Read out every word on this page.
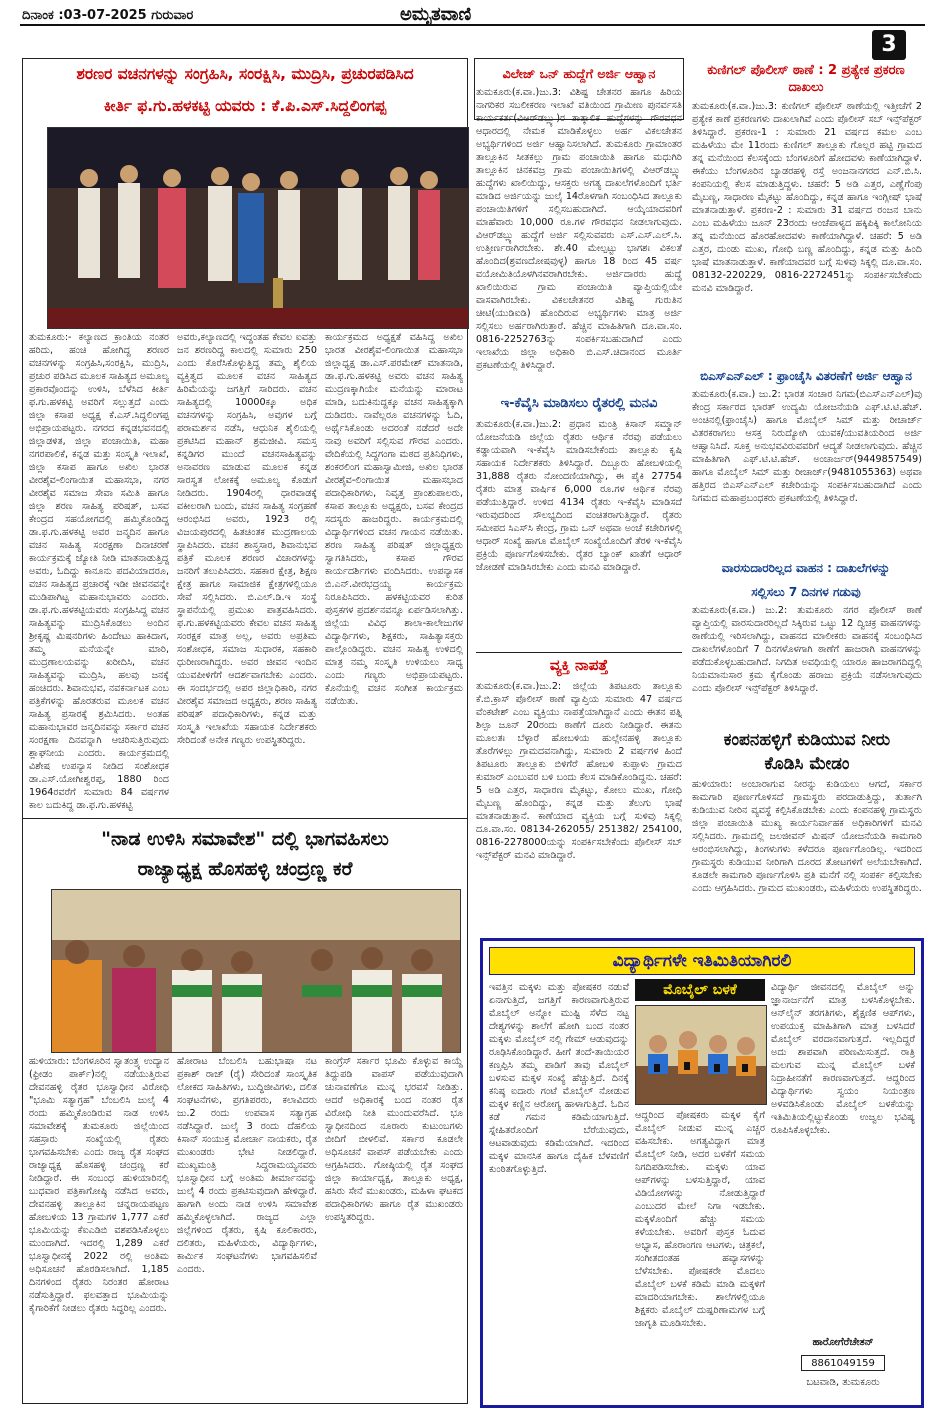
ದಿನಾಂಕ :03-07-2025 ಗುರುವಾರ	ಅಮೃತವಾಣಿ
3
ಶರಣರ ವಚನಗಳನ್ನು ಸಂಗ್ರಹಿಸಿ, ಸಂರಕ್ಷಿಸಿ, ಮುದ್ರಿಸಿ, ಪ್ರಚುರಪಡಿಸಿದ
ಕೀರ್ತಿ ಫ.ಗು.ಹಳಕಟ್ಟಿ ಯವರು : ಕೆ.ಪಿ.ಎಸ್.ಸಿದ್ದಲಿಂಗಪ್ಪ
ತುಮಕೂರು:- ಕಲ್ಯಾಣದ ಕ್ರಾಂತಿಯ ನಂತರ ಹರಿದು, ಹಂಚಿ ಹೋಗಿದ್ದ ಶರಣರ ವಚನಗಳನ್ನು ಸಂಗ್ರಹಿಸಿ,ಸಂರಕ್ಷಿಸಿ, ಮುದ್ರಿಸಿ, ಪ್ರಚುರ ಪಡಿಸಿದ ಮೂಲಕ ಸಾಹಿತ್ಯದ ಅಮೂಲ್ಯ ಪ್ರಕಾರವೊಂದನ್ನು ಉಳಿಸಿ, ಬೆಳೆಸಿದ ಕೀರ್ತಿ ಫ.ಗು.ಹಳಕಟ್ಟಿ ಅವರಿಗೆ ಸಲ್ಲುತ್ತದೆ ಎಂದು ಜಿಲ್ಲಾ ಕಸಾಪ ಅಧ್ಯಕ್ಷ ಕೆ.ಎಸ್.ಸಿದ್ದಲಿಂಗಪ್ಪ ಅಭಿಪ್ರಾಯಪಟ್ಟರು. ನಗರದ ಕನ್ನಡಭವನದಲ್ಲಿ ಜಿಲ್ಲಾಡಳಿತ, ಜಿಲ್ಲಾ ಪಂಚಾಯಿತಿ, ಮಹಾ ನಗರಪಾಲಿಕೆ, ಕನ್ನಡ ಮತ್ತು ಸಂಸ್ಕೃತಿ ಇಲಾಖೆ, ಜಿಲ್ಲಾ ಕಸಾಪ ಹಾಗೂ ಅಖಿಲ ಭಾರತ ವೀರಶೈವ-ಲಿಂಗಾಯಿತ ಮಹಾಸಭಾ, ನಗರ ವೀರಶೈವ ಸಮಾಜ ಸೇವಾ ಸಮಿತಿ ಹಾಗೂ ಜಿಲ್ಲಾ ಶರಣ ಸಾಹಿತ್ಯ ಪರಿಷತ್, ಬಸವ ಕೇಂದ್ರದ ಸಹಯೋಗದಲ್ಲಿ ಹಮ್ಮಿಕೊಂಡಿದ್ದ ಡಾ.ಫ.ಗು.ಹಳಕಟ್ಟಿ ಅವರ ಜನ್ಮದಿನ ಹಾಗೂ ವಚನ ಸಾಹಿತ್ಯ ಸಂರಕ್ಷಣಾ ದಿನಾಚರಣೆ ಕಾರ್ಯಕ್ರಮಕ್ಕೆ ಜ್ಯೋತಿ ನೀಡಿ ಮಾತನಾಡುತ್ತಿದ್ದ ಅವರು, ಓದಿದ್ದು ಕಾನೂನು ಪದವಿಯಾದರೂ, ವಚನ ಸಾಹಿತ್ಯದ ಪ್ರಚಾರಕ್ಕೆ ಇಡೀ ಜೀವನವನ್ನೇ ಮುಡಿಪಾಗಿಟ್ಟ ಮಹಾನುಭಾವರು ಎಂದರು. ಡಾ.ಫ.ಗು.ಹಳಕಟ್ಟಿಯವರು ಸಂಗ್ರಹಿಸಿದ್ದ ವಚನ ಸಾಹಿತ್ಯವನ್ನು ಮುದ್ರಿಸಿಕೊಡಲು ಅಂದಿನ ಶ್ರೀಕೃಷ್ಣ ಮಿಷನರಿಗಳು ಹಿಂದೇಟು ಹಾಕಿದಾಗ, ತಮ್ಮ ಮನೆಯನ್ನೇ ಮಾರಿ, ಮುದ್ರಣಾಲಯವನ್ನು ಖರೀದಿಸಿ, ವಚನ ಸಾಹಿತ್ಯವನ್ನು ಮುದ್ರಿಸಿ, ಹಲವು ಜನಕ್ಕೆ ಹಂಚಿದರು. ಶಿವಾನುಭವ, ನವಕರ್ನಾಟಕ ಎಂಬ ಪತ್ರಿಕೆಗಳನ್ನು ಹೊರತರುವ ಮೂಲಕ ವಚನ ಸಾಹಿತ್ಯ ಪ್ರಸಾರಕ್ಕೆ ಶ್ರಮಿಸಿದರು. ಅಂತಹ ಮಹಾನುಭಾವರ ಜನ್ಮದಿನವನ್ನು ಸರ್ಕಾರ ವಚನ ಸಂರಕ್ಷಣಾ ದಿನವನ್ನಾಗಿ ಆಚರಿಸುತ್ತಿರುವುದು ಶ್ಲಾಘನೀಯ ಎಂದರು. ಕಾರ್ಯಕ್ರಮದಲ್ಲಿ ವಿಶೇಷ ಉಪನ್ಯಾಸ ನೀಡಿದ ಸಂಶೋಧಕ ಡಾ.ಎಸ್.ಯೋಗೀಶ್ವರಪ್ಪ, 1880 ರಿಂದ 1964ರವರೆಗೆ ಸುಮಾರು 84 ವರ್ಷಗಳ ಕಾಲ ಬದುಕಿದ್ದ ಡಾ.ಫ.ಗು.ಹಳಕಟ್ಟಿ
ಅವರು,ಕಲ್ಯಾಣದಲ್ಲಿ ಇದ್ದಂತಹ ಕೇವಲ ಐವತ್ತು ಜನ ಶರಣರಿದ್ದ ಕಾಲದಲ್ಲಿ ಸುಮಾರು 250 ಎಂದು ಕೊರೆಸಿಕೊಳ್ಳುತ್ತಿದ್ದ ತಮ್ಮ ಶೈಲಿಯ ವ್ಯಕ್ತಿತ್ವದ ಮೂಲಕ ವಚನ ಸಾಹಿತ್ಯದ ಹಿರಿಮೆಯನ್ನು ಜಗತ್ತಿಗೆ ಸಾರಿದರು. ವಚನ ಸಾಹಿತ್ಯದಲ್ಲಿ 10000ಕ್ಕೂ ಅಧಿಕ ವಚನಗಳನ್ನು ಸಂಗ್ರಹಿಸಿ, ಅವುಗಳ ಬಗ್ಗೆ ಪರಾಮರ್ಶನ ನಡೆಸಿ, ಆಧುನಿಕ ಶೈಲಿಯಲ್ಲಿ ಪ್ರಕಟಿಸಿದ ಮಹಾನ್ ಶ್ರಮಜೀವಿ. ಸಮಸ್ತ ಕನ್ನಡಿಗರ ಮುಂದೆ ವಚನಸಾಹಿತ್ಯವನ್ನು ಅನಾವರಣ ಮಾಡುವ ಮೂಲಕ ಕನ್ನಡ ಸಾರಸ್ವತ ಲೋಕಕ್ಕೆ ಅಮೂಲ್ಯ ಕೊಡುಗೆ ನೀಡಿದರು. 1904ರಲ್ಲಿ ಧಾರವಾಡಕ್ಕೆ ವಕೀಲರಾಗಿ ಬಂದು, ವಚನ ಸಾಹಿತ್ಯ ಸಂಗ್ರಹಣೆ ಆರಂಭಿಸಿದ ಅವರು, 1923 ರಲ್ಲಿ ವಿಜಯಪುರದಲ್ಲಿ ಹಿತಚಿಂತಕ ಮುದ್ರಣಾಲಯ ಸ್ಥಾಪಿಸಿದರು. ವಚನ ಶಾಸ್ತ್ರಸಾರ, ಶಿವಾನುಭವ ಪತ್ರಿಕೆ ಮೂಲಕ ಶರಣರ ವಿಚಾರಗಳನ್ನು ಜನರಿಗೆ ತಲುಪಿಸಿದರು. ಸಹಕಾರ ಕ್ಷೇತ್ರ, ಶಿಕ್ಷಣ ಕ್ಷೇತ್ರ ಹಾಗೂ ಸಾಮಾಜಿಕ ಕ್ಷೇತ್ರಗಳಲ್ಲಿಯೂ ಸೇವೆ ಸಲ್ಲಿಸಿದರು. ಬಿ.ಎಲ್.ಡಿ.ಇ ಸಂಸ್ಥೆ ಸ್ಥಾಪನೆಯಲ್ಲಿ ಪ್ರಮುಖ ಪಾತ್ರವಹಿಸಿದರು. ಫ.ಗು.ಹಳಕಟ್ಟಿಯವರು ಕೇವಲ ವಚನ ಸಾಹಿತ್ಯ ಸಂರಕ್ಷಕ ಮಾತ್ರ ಅಲ್ಲ, ಅವರು ಅಪ್ರತಿಮ ಸಂಶೋಧಕ, ಸಮಾಜ ಸುಧಾರಕ, ಸಹಕಾರಿ ಧುರೀಣರಾಗಿದ್ದರು. ಅವರ ಜೀವನ ಇಂದಿನ ಯುವಪೀಳಿಗೆಗೆ ಆದರ್ಶವಾಗಬೇಕು ಎಂದರು. ಈ ಸಂದರ್ಭದಲ್ಲಿ ಅಪರ ಜಿಲ್ಲಾಧಿಕಾರಿ, ನಗರ ವೀರಶೈವ ಸಮಾಜದ ಅಧ್ಯಕ್ಷರು, ಶರಣ ಸಾಹಿತ್ಯ ಪರಿಷತ್ ಪದಾಧಿಕಾರಿಗಳು, ಕನ್ನಡ ಮತ್ತು ಸಂಸ್ಕೃತಿ ಇಲಾಖೆಯ ಸಹಾಯಕ ನಿರ್ದೇಶಕರು ಸೇರಿದಂತೆ ಅನೇಕ ಗಣ್ಯರು ಉಪಸ್ಥಿತರಿದ್ದರು.
ಕಾರ್ಯಕ್ರಮದ ಅಧ್ಯಕ್ಷತೆ ವಹಿಸಿದ್ದ ಅಖಿಲ ಭಾರತ ವೀರಶೈವ-ಲಿಂಗಾಯಿತ ಮಹಾಸಭಾ ಜಿಲ್ಲಾಧ್ಯಕ್ಷ ಡಾ.ಎಸ್.ಪರಮೇಶ್ ಮಾತನಾಡಿ, ಡಾ.ಫ.ಗು.ಹಳಕಟ್ಟಿ ಅವರು ವಚನ ಸಾಹಿತ್ಯ ಮುದ್ರಣಕ್ಕಾಗಿಯೇ ಮನೆಯನ್ನು ಮಾರಾಟ ಮಾಡಿ, ಬದುಕಿನುದ್ದಕ್ಕೂ ವಚನ ಸಾಹಿತ್ಯಕ್ಕಾಗಿ ದುಡಿದರು. ನಾವೆಲ್ಲರೂ ವಚನಗಳನ್ನು ಓದಿ, ಅರ್ಥೈಸಿಕೊಂಡು ಅದರಂತೆ ನಡೆದರೆ ಅದೇ ನಾವು ಅವರಿಗೆ ಸಲ್ಲಿಸುವ ಗೌರವ ಎಂದರು. ವೇದಿಕೆಯಲ್ಲಿ ಸಿದ್ದಗಂಗಾ ಮಠದ ಪ್ರತಿನಿಧಿಗಳು, ಶಂಕರಲಿಂಗ ಮಹಾಸ್ವಾಮೀಜಿ, ಅಖಿಲ ಭಾರತ ವೀರಶೈವ-ಲಿಂಗಾಯಿತ ಮಹಾಸಭಾದ ಪದಾಧಿಕಾರಿಗಳು, ನಿವೃತ್ತ ಪ್ರಾಂಶುಪಾಲರು, ಕಸಾಪ ತಾಲ್ಲೂಕು ಅಧ್ಯಕ್ಷರು, ಬಸವ ಕೇಂದ್ರದ ಸದಸ್ಯರು ಹಾಜರಿದ್ದರು. ಕಾರ್ಯಕ್ರಮದಲ್ಲಿ ವಿದ್ಯಾರ್ಥಿಗಳಿಂದ ವಚನ ಗಾಯನ ನಡೆಯಿತು. ಶರಣ ಸಾಹಿತ್ಯ ಪರಿಷತ್ ಜಿಲ್ಲಾಧ್ಯಕ್ಷರು ಸ್ವಾಗತಿಸಿದರು, ಕಸಾಪ ಗೌರವ ಕಾರ್ಯದರ್ಶಿಗಳು ವಂದಿಸಿದರು. ಉಪನ್ಯಾಸಕ ಬಿ.ಎನ್.ವೀರಭದ್ರಯ್ಯ ಕಾರ್ಯಕ್ರಮ ನಿರೂಪಿಸಿದರು. ಹಳಕಟ್ಟಿಯವರ ಕುರಿತ ಪುಸ್ತಕಗಳ ಪ್ರದರ್ಶನವನ್ನೂ ಏರ್ಪಡಿಸಲಾಗಿತ್ತು. ಜಿಲ್ಲೆಯ ವಿವಿಧ ಶಾಲಾ-ಕಾಲೇಜುಗಳ ವಿದ್ಯಾರ್ಥಿಗಳು, ಶಿಕ್ಷಕರು, ಸಾಹಿತ್ಯಾಸಕ್ತರು ಪಾಲ್ಗೊಂಡಿದ್ದರು. ವಚನ ಸಾಹಿತ್ಯ ಉಳಿದಲ್ಲಿ ಮಾತ್ರ ನಮ್ಮ ಸಂಸ್ಕೃತಿ ಉಳಿಯಲು ಸಾಧ್ಯ ಎಂದು ಗಣ್ಯರು ಅಭಿಪ್ರಾಯಪಟ್ಟರು. ಕೊನೆಯಲ್ಲಿ ವಚನ ಸಂಗೀತ ಕಾರ್ಯಕ್ರಮ ನಡೆಯಿತು.
"ನಾಡ ಉಳಿಸಿ ಸಮಾವೇಶ" ದಲ್ಲಿ ಭಾಗವಹಿಸಲು
ರಾಜ್ಯಾಧ್ಯಕ್ಷ ಹೊಸಹಳ್ಳಿ ಚಂದ್ರಣ್ಣ ಕರೆ
ಹುಳಿಯಾರು: ಬೆಂಗಳೂರಿನ ಸ್ವಾತಂತ್ರ್ಯ ಉದ್ಯಾನ (ಫ್ರೀಡಂ ಪಾರ್ಕ್)ನಲ್ಲಿ ನಡೆಯುತ್ತಿರುವ ದೇವನಹಳ್ಳಿ ರೈತರ ಭೂಸ್ವಾಧೀನ ವಿರೋಧಿ "ಭೂಮಿ ಸತ್ಯಾಗ್ರಹ" ಬೆಂಬಲಿಸಿ ಜುಲೈ 4 ರಂದು ಹಮ್ಮಿಕೊಂಡಿರುವ ನಾಡ ಉಳಿಸಿ ಸಮಾವೇಶಕ್ಕೆ ತುಮಕೂರು ಜಿಲ್ಲೆಯಿಂದ ಸಹಸ್ರಾರು ಸಂಖ್ಯೆಯಲ್ಲಿ ರೈತರು ಭಾಗವಹಿಸಬೇಕು ಎಂದು ರಾಜ್ಯ ರೈತ ಸಂಘದ ರಾಜ್ಯಾಧ್ಯಕ್ಷ ಹೊಸಹಳ್ಳಿ ಚಂದ್ರಣ್ಣ ಕರೆ ನೀಡಿದ್ದಾರೆ. ಈ ಸಂಬಂಧ ಹುಳಿಯಾರಿನಲ್ಲಿ ಬುಧವಾರ ಪತ್ರಿಕಾಗೋಷ್ಠಿ ನಡೆಸಿದ ಅವರು, ದೇವನಹಳ್ಳಿ ತಾಲ್ಲೂಕಿನ ಚನ್ನರಾಯಪಟ್ಟಣ ಹೋಬಳಿಯ 13 ಗ್ರಾಮಗಳ 1,777 ಎಕರೆ ಭೂಮಿಯನ್ನು ಕೆಐಎಡಿಬಿ ವಶಪಡಿಸಿಕೊಳ್ಳಲು ಮುಂದಾಗಿದೆ. ಇದರಲ್ಲಿ 1,289 ಎಕರೆ ಭೂಸ್ವಾಧೀನಕ್ಕೆ 2022 ರಲ್ಲಿ ಅಂತಿಮ ಅಧಿಸೂಚನೆ ಹೊರಡಿಸಲಾಗಿದೆ. 1,185 ದಿನಗಳಿಂದ ರೈತರು ನಿರಂತರ ಹೋರಾಟ ನಡೆಸುತ್ತಿದ್ದಾರೆ. ಫಲವತ್ತಾದ ಭೂಮಿಯನ್ನು ಕೈಗಾರಿಕೆಗೆ ನೀಡಲು ರೈತರು ಸಿದ್ಧರಿಲ್ಲ ಎಂದರು.
ಹೋರಾಟ ಬೆಂಬಲಿಸಿ ಬಹುಭಾಷಾ ನಟ ಪ್ರಕಾಶ್ ರಾಜ್ (ರೈ) ಸೇರಿದಂತೆ ಸಾಂಸ್ಕೃತಿಕ ಲೋಕದ ಸಾಹಿತಿಗಳು, ಬುದ್ಧಿಜೀವಿಗಳು, ದಲಿತ ಸಂಘಟನೆಗಳು, ಪ್ರಗತಿಪರರು, ಕಲಾವಿದರು ಜು.2 ರಂದು ಉಪವಾಸ ಸತ್ಯಾಗ್ರಹ ನಡೆಸಿದ್ದಾರೆ. ಜುಲೈ 3 ರಂದು ದೆಹಲಿಯ ಕಿಸಾನ್ ಸಂಯುಕ್ತ ಮೋರ್ಚಾ ನಾಯಕರು, ರೈತ ಮುಖಂಡರು ಭೇಟಿ ನೀಡಲಿದ್ದಾರೆ. ಮುಖ್ಯಮಂತ್ರಿ ಸಿದ್ದರಾಮಯ್ಯನವರು ಭೂಸ್ವಾಧೀನ ಬಗ್ಗೆ ಅಂತಿಮ ತೀರ್ಮಾನವನ್ನು ಜುಲೈ 4 ರಂದು ಪ್ರಕಟಿಸುವುದಾಗಿ ಹೇಳಿದ್ದಾರೆ. ಹಾಗಾಗಿ ಅಂದು ನಾಡ ಉಳಿಸಿ ಸಮಾವೇಶ ಹಮ್ಮಿಕೊಳ್ಳಲಾಗಿದೆ. ರಾಜ್ಯದ ಎಲ್ಲಾ ಜಿಲ್ಲೆಗಳಿಂದ ರೈತರು, ಕೃಷಿ ಕೂಲಿಕಾರರು, ದಲಿತರು, ಮಹಿಳೆಯರು, ವಿದ್ಯಾರ್ಥಿಗಳು, ಕಾರ್ಮಿಕ ಸಂಘಟನೆಗಳು ಭಾಗವಹಿಸಲಿವೆ ಎಂದರು.
ಕಾಂಗ್ರೆಸ್ ಸರ್ಕಾರ ಭೂಮಿ ಕೊಳ್ಳುವ ಕಾಯ್ದೆ ತಿದ್ದುಪಡಿ ವಾಪಸ್ ಪಡೆಯುವುದಾಗಿ ಚುನಾವಣೆಗೂ ಮುನ್ನ ಭರವಸೆ ನೀಡಿತ್ತು. ಆದರೆ ಅಧಿಕಾರಕ್ಕೆ ಬಂದ ನಂತರ ರೈತ ವಿರೋಧಿ ನೀತಿ ಮುಂದುವರೆಸಿದೆ. ಭೂ ಸ್ವಾಧೀನದಿಂದ ನೂರಾರು ಕುಟುಂಬಗಳು ಬೀದಿಗೆ ಬೀಳಲಿವೆ. ಸರ್ಕಾರ ಕೂಡಲೇ ಅಧಿಸೂಚನೆ ವಾಪಸ್ ಪಡೆಯಬೇಕು ಎಂದು ಆಗ್ರಹಿಸಿದರು. ಗೋಷ್ಠಿಯಲ್ಲಿ ರೈತ ಸಂಘದ ಜಿಲ್ಲಾ ಕಾರ್ಯಾಧ್ಯಕ್ಷ, ತಾಲ್ಲೂಕು ಅಧ್ಯಕ್ಷ, ಹಸಿರು ಸೇನೆ ಮುಖಂಡರು, ಮಹಿಳಾ ಘಟಕದ ಪದಾಧಿಕಾರಿಗಳು ಹಾಗೂ ರೈತ ಮುಖಂಡರು ಉಪಸ್ಥಿತರಿದ್ದರು.
ವಿಲೇಜ್ ಒನ್ ಹುದ್ದೆಗೆ ಅರ್ಜಿ ಆಹ್ವಾನ
ತುಮಕೂರು(ಕ.ವಾ.)ಜು.3: ವಿಶಿಷ್ಟ ಚೇತನರ ಹಾಗೂ ಹಿರಿಯ ನಾಗರಿಕರ ಸಬಲೀಕರಣ ಇಲಾಖೆ ವತಿಯಿಂದ ಗ್ರಾಮೀಣ ಪುನರ್ವಸತಿ ಕಾರ್ಯಕರ್ತ(ವಿಆರ್‌ಡಬ್ಲ್ಯು)ರ ತಾತ್ಕಾಲಿಕ ಹುದ್ದೆಗಳನ್ನು ಗೌರವಧನ ಆಧಾರದಲ್ಲಿ ನೇಮಕ ಮಾಡಿಕೊಳ್ಳಲು ಅರ್ಹ ವಿಕಲಚೇತನ ಅಭ್ಯರ್ಥಿಗಳಿಂದ ಅರ್ಜಿ ಆಹ್ವಾನಿಸಲಾಗಿದೆ. ತುಮಕೂರು ಗ್ರಾಮಾಂತರ ತಾಲ್ಲೂಕಿನ ಸೀತಕಲ್ಲು ಗ್ರಾಮ ಪಂಚಾಯಿತಿ ಹಾಗೂ ಮಧುಗಿರಿ ತಾಲ್ಲೂಕಿನ ಚಿನಕವಜ್ರ ಗ್ರಾಮ ಪಂಚಾಯಿತಿಗಳಲ್ಲಿ ವಿಆರ್‌ಡಬ್ಲ್ಯು ಹುದ್ದೆಗಳು ಖಾಲಿಯಿದ್ದು, ಆಸಕ್ತರು ಅಗತ್ಯ ದಾಖಲೆಗಳೊಂದಿಗೆ ಭರ್ತಿ ಮಾಡಿದ ಅರ್ಜಿಯನ್ನು ಜುಲೈ 14ರೊಳಗಾಗಿ ಸಂಬಂಧಿಸಿದ ತಾಲ್ಲೂಕು ಪಂಚಾಯಿತಿಗಳಿಗೆ ಸಲ್ಲಿಸಬಹುದಾಗಿದೆ. ಆಯ್ಕೆಯಾದವರಿಗೆ ಮಾಹೆವಾರು 10,000 ರೂ.ಗಳ ಗೌರವಧನ ನೀಡಲಾಗುವುದು. ವಿಆರ್‌ಡಬ್ಲ್ಯು ಹುದ್ದೆಗೆ ಅರ್ಜಿ ಸಲ್ಲಿಸುವವರು ಎಸ್.ಎಸ್.ಎಲ್.ಸಿ. ಉತ್ತೀರ್ಣರಾಗಿರಬೇಕು. ಶೇ.40 ಮೇಲ್ಪಟ್ಟು ಭಾಗಶಃ ವಿಕಲತೆ ಹೊಂದಿದ(ಶ್ರವಣದೋಷವುಳ್ಳ) ಹಾಗೂ 18 ರಿಂದ 45 ವರ್ಷ ವಯೋಮಿತಿಯೊಳಗಿನವರಾಗಿರಬೇಕು. ಅರ್ಜಿದಾರರು ಹುದ್ದೆ ಖಾಲಿಯಿರುವ ಗ್ರಾಮ ಪಂಚಾಯಿತಿ ವ್ಯಾಪ್ತಿಯಲ್ಲಿಯೇ ವಾಸವಾಗಿರಬೇಕು. ವಿಕಲಚೇತನರ ವಿಶಿಷ್ಟ ಗುರುತಿನ ಚೀಟಿ(ಯುಡಿಐಡಿ) ಹೊಂದಿರುವ ಅಭ್ಯರ್ಥಿಗಳು ಮಾತ್ರ ಅರ್ಜಿ ಸಲ್ಲಿಸಲು ಅರ್ಹರಾಗಿರುತ್ತಾರೆ. ಹೆಚ್ಚಿನ ಮಾಹಿತಿಗಾಗಿ ದೂ.ವಾ.ಸಂ. 0816-2252763ನ್ನು ಸಂಪರ್ಕಿಸಬಹುದಾಗಿದೆ ಎಂದು ಇಲಾಖೆಯ ಜಿಲ್ಲಾ ಅಧಿಕಾರಿ ಬಿ.ಎಸ್.ಚಿದಾನಂದ ಮೂರ್ತಿ ಪ್ರಕಟಣೆಯಲ್ಲಿ ತಿಳಿಸಿದ್ದಾರೆ.
ಇ-ಕೆವೈಸಿ ಮಾಡಿಸಲು ರೈತರಲ್ಲಿ ಮನವಿ
ತುಮಕೂರು(ಕ.ವಾ.)ಜು.2: ಪ್ರಧಾನ ಮಂತ್ರಿ ಕಿಸಾನ್ ಸಮ್ಮಾನ್ ಯೋಜನೆಯಡಿ ಜಿಲ್ಲೆಯ ರೈತರು ಆರ್ಥಿಕ ನೆರವು ಪಡೆಯಲು ಕಡ್ಡಾಯವಾಗಿ ಇ-ಕೆವೈಸಿ ಮಾಡಿಸಬೇಕೆಂದು ತಾಲ್ಲೂಕು ಕೃಷಿ ಸಹಾಯಕ ನಿರ್ದೇಶಕರು ತಿಳಿಸಿದ್ದಾರೆ. ದಿಬ್ಬೂರು ಹೋಬಳಿಯಲ್ಲಿ 31,888 ರೈತರು ನೋಂದಣಿಯಾಗಿದ್ದು, ಈ ಪೈಕಿ 27754 ರೈತರು ಮಾತ್ರ ವಾರ್ಷಿಕ 6,000 ರೂ.ಗಳ ಆರ್ಥಿಕ ನೆರವು ಪಡೆಯುತ್ತಿದ್ದಾರೆ. ಉಳಿದ 4134 ರೈತರು ಇ-ಕೆವೈಸಿ ಮಾಡಿಸದೆ ಇರುವುದರಿಂದ ಸೌಲಭ್ಯದಿಂದ ವಂಚಿತರಾಗುತ್ತಿದ್ದಾರೆ. ರೈತರು ಸಮೀಪದ ಸಿಎಸ್‌ಸಿ ಕೇಂದ್ರ, ಗ್ರಾಮ ಒನ್ ಅಥವಾ ಅಂಚೆ ಕಚೇರಿಗಳಲ್ಲಿ ಆಧಾರ್ ಸಂಖ್ಯೆ ಹಾಗೂ ಮೊಬೈಲ್ ಸಂಖ್ಯೆಯೊಂದಿಗೆ ತೆರಳಿ ಇ-ಕೆವೈಸಿ ಪ್ರಕ್ರಿಯೆ ಪೂರ್ಣಗೊಳಿಸಬೇಕು. ರೈತರ ಬ್ಯಾಂಕ್ ಖಾತೆಗೆ ಆಧಾರ್ ಜೋಡಣೆ ಮಾಡಿಸಿರಬೇಕು ಎಂದು ಮನವಿ ಮಾಡಿದ್ದಾರೆ.
ವ್ಯಕ್ತಿ ನಾಪತ್ತೆ
ತುಮಕೂರು(ಕ.ವಾ.)ಜು.2: ಜಿಲ್ಲೆಯ ತಿಪಟೂರು ತಾಲ್ಲೂಕು ಕೆ.ಬಿ.ಕ್ರಾಸ್ ಪೊಲೀಸ್ ಠಾಣೆ ವ್ಯಾಪ್ತಿಯ ಸುಮಾರು 47 ವರ್ಷದ ವೆಂಕಟೇಶ್ ಎಂಬ ವ್ಯಕ್ತಿಯು ನಾಪತ್ತೆಯಾಗಿದ್ದಾನೆ ಎಂದು ಈತನ ಪತ್ನಿ ಶಿಲ್ಪಾ ಜೂನ್ 20ರಂದು ಠಾಣೆಗೆ ದೂರು ನೀಡಿದ್ದಾರೆ. ಈತನು ಮೂಲತಃ ಬೆಳ್ಳಾರೆ ಹೋಬಳಿಯ ಹುಲ್ಲೇನಹಳ್ಳಿ ತಾಲ್ಲೂಕು ತೊರೆಗಳಲ್ಲು ಗ್ರಾಮದವನಾಗಿದ್ದು, ಸುಮಾರು 2 ವರ್ಷಗಳ ಹಿಂದೆ ತಿಪಟೂರು ತಾಲ್ಲೂಕು ಬಿಳಿಗೆರೆ ಹೋಬಳಿ ಕುಪ್ಪಾಳು ಗ್ರಾಮದ ಕುಮಾರ್ ಎಂಬುವರ ಬಳಿ ಬಂದು ಕೆಲಸ ಮಾಡಿಕೊಂಡಿದ್ದನು. ಚಹರೆ: 5 ಅಡಿ ಎತ್ತರ, ಸಾಧಾರಣ ಮೈಕಟ್ಟು, ಕೋಲು ಮುಖ, ಗೋಧಿ ಮೈಬಣ್ಣ ಹೊಂದಿದ್ದು, ಕನ್ನಡ ಮತ್ತು ತೆಲುಗು ಭಾಷೆ ಮಾತನಾಡುತ್ತಾನೆ. ಕಾಣೆಯಾದ ವ್ಯಕ್ತಿಯ ಬಗ್ಗೆ ಸುಳಿವು ಸಿಕ್ಕಲ್ಲಿ ದೂ.ವಾ.ಸಂ. 08134-262055/ 251382/ 254100, 0816-2278000ಯನ್ನು ಸಂಪರ್ಕಿಸಬೇಕೆಂದು ಪೊಲೀಸ್ ಸಬ್ ಇನ್ಸ್‌ಪೆಕ್ಟರ್ ಮನವಿ ಮಾಡಿದ್ದಾರೆ.
ಕುಣಿಗಲ್ ಪೊಲೀಸ್ ಠಾಣೆ : 2 ಪ್ರತ್ಯೇಕ ಪ್ರಕರಣ ದಾಖಲು
ತುಮಕೂರು(ಕ.ವಾ.)ಜು.3: ಕುಣಿಗಲ್ ಪೊಲೀಸ್ ಠಾಣೆಯಲ್ಲಿ ಇತ್ತೀಚೆಗೆ 2 ಪ್ರತ್ಯೇಕ ಕಾಣೆ ಪ್ರಕರಣಗಳು ದಾಖಲಾಗಿವೆ ಎಂದು ಪೊಲೀಸ್ ಸಬ್ ಇನ್ಸ್‌ಪೆಕ್ಟರ್ ತಿಳಿಸಿದ್ದಾರೆ. ಪ್ರಕರಣ-1 : ಸುಮಾರು 21 ವರ್ಷದ ಕಮಲ ಎಂಬ ಮಹಿಳೆಯು ಮೇ 11ರಂದು ಕುಣಿಗಲ್ ತಾಲ್ಲೂಕು ಗೊಲ್ಲರ ಹಟ್ಟಿ ಗ್ರಾಮದ ತನ್ನ ಮನೆಯಿಂದ ಕೆಲಸಕ್ಕೆಂದು ಬೆಂಗಳೂರಿಗೆ ಹೋದವಳು ಕಾಣೆಯಾಗಿದ್ದಾಳೆ. ಈಕೆಯು ಬೆಂಗಳೂರಿನ ಬ್ಯಾಡರಹಳ್ಳಿ ರಸ್ತೆ ಅಂಜನಾನಗರದ ಎನ್.ಬಿ.ಸಿ. ಕಂಪನಿಯಲ್ಲಿ ಕೆಲಸ ಮಾಡುತ್ತಿದ್ದಳು. ಚಹರೆ: 5 ಅಡಿ ಎತ್ತರ, ಎಣ್ಣೆಗೆಂಪು ಮೈಬಣ್ಣ, ಸಾಧಾರಣ ಮೈಕಟ್ಟು ಹೊಂದಿದ್ದು, ಕನ್ನಡ ಹಾಗೂ ಇಂಗ್ಲೀಷ್ ಭಾಷೆ ಮಾತನಾಡುತ್ತಾಳೆ. ಪ್ರಕರಣ-2 : ಸುಮಾರು 31 ವರ್ಷದ ರಂಜನ ಬಾನು ಎಂಬ ಮಹಿಳೆಯು ಜೂನ್ 23ರಂದು ಆಂಚೆಪಾಳ್ಯದ ಹಕ್ಕಿಪಿಕ್ಕಿ ಕಾಲೋನಿಯ ತನ್ನ ಮನೆಯಿಂದ ಹೊರಹೋದವಳು ಕಾಣೆಯಾಗಿದ್ದಾಳೆ. ಚಹರೆ: 5 ಅಡಿ ಎತ್ತರ, ದುಂಡು ಮುಖ, ಗೋಧಿ ಬಣ್ಣ ಹೊಂದಿದ್ದು, ಕನ್ನಡ ಮತ್ತು ಹಿಂದಿ ಭಾಷೆ ಮಾತನಾಡುತ್ತಾಳೆ. ಕಾಣೆಯಾದವರ ಬಗ್ಗೆ ಸುಳಿವು ಸಿಕ್ಕಲ್ಲಿ ದೂ.ವಾ.ಸಂ. 08132-220229, 0816-2272451ನ್ನು ಸಂಪರ್ಕಿಸಬೇಕೆಂದು ಮನವಿ ಮಾಡಿದ್ದಾರೆ.
ಬಿಎಸ್‌ಎನ್‌ಎಲ್ : ಫ್ರಾಂಚೈಸಿ ವಿತರಣೆಗೆ ಅರ್ಜಿ ಆಹ್ವಾನ
ತುಮಕೂರು(ಕ.ವಾ.) ಜು.2: ಭಾರತ ಸಂಚಾರ ನಿಗಮ(ಬಿಎಸ್‌ಎನ್‌ಎಲ್)ವು ಕೇಂದ್ರ ಸರ್ಕಾರದ ಭಾರತ್ ಉದ್ಯಮಿ ಯೋಜನೆಯಡಿ ಎಫ್.ಟಿ.ಟಿ.ಹೆಚ್. ಅಂಚಿನಲ್ಲಿ(ಫ್ರಾಂಚೈಸಿ) ಹಾಗೂ ಮೊಬೈಲ್ ಸಿಮ್ ಮತ್ತು ರೀಚಾರ್ಜ್ ವಿತರಕರಾಗಲು ಆಸಕ್ತ ನಿರುದ್ಯೋಗಿ ಯುವಕ/ಯುವತಿಯರಿಂದ ಅರ್ಜಿ ಆಹ್ವಾನಿಸಿದೆ. ಸೂಕ್ತ ಅನುಭವವಿರುವವರಿಗೆ ಆದ್ಯತೆ ನೀಡಲಾಗುವುದು. ಹೆಚ್ಚಿನ ಮಾಹಿತಿಗಾಗಿ ಎಫ್.ಟಿ.ಟಿ.ಹೆಚ್. ಅಂಚಾರ್ಜರ್(9449857549) ಹಾಗೂ ಮೊಬೈಲ್ ಸಿಮ್ ಮತ್ತು ರೀಚಾರ್ಜ್(9481055363) ಅಥವಾ ಹತ್ತಿರದ ಬಿಎಸ್‌ಎನ್‌ಎಲ್ ಕಚೇರಿಯನ್ನು ಸಂಪರ್ಕಿಸಬಹುದಾಗಿದೆ ಎಂದು ನಿಗಮದ ಮಹಾಪ್ರಬಂಧಕರು ಪ್ರಕಟಣೆಯಲ್ಲಿ ತಿಳಿಸಿದ್ದಾರೆ.
ವಾರಸುದಾರರಿಲ್ಲದ ವಾಹನ : ದಾಖಲೆಗಳನ್ನು
ಸಲ್ಲಿಸಲು 7 ದಿನಗಳ ಗಡುವು
ತುಮಕೂರು(ಕ.ವಾ.) ಜು.2: ತುಮಕೂರು ನಗರ ಪೊಲೀಸ್ ಠಾಣೆ ವ್ಯಾಪ್ತಿಯಲ್ಲಿ ವಾರಸುದಾರರಿಲ್ಲದೆ ಸಿಕ್ಕಿರುವ ಒಟ್ಟು 12 ದ್ವಿಚಕ್ರ ವಾಹನಗಳನ್ನು ಠಾಣೆಯಲ್ಲಿ ಇರಿಸಲಾಗಿದ್ದು, ವಾಹನದ ಮಾಲೀಕರು ವಾಹನಕ್ಕೆ ಸಂಬಂಧಿಸಿದ ದಾಖಲೆಗಳೊಂದಿಗೆ 7 ದಿನಗಳೊಳಗಾಗಿ ಠಾಣೆಗೆ ಹಾಜರಾಗಿ ವಾಹನಗಳನ್ನು ಪಡೆದುಕೊಳ್ಳಬಹುದಾಗಿದೆ. ನಿಗದಿತ ಅವಧಿಯಲ್ಲಿ ಯಾರೂ ಹಾಜರಾಗದಿದ್ದಲ್ಲಿ ನಿಯಮಾನುಸಾರ ಕ್ರಮ ಕೈಗೊಂಡು ಹರಾಜು ಪ್ರಕ್ರಿಯೆ ನಡೆಸಲಾಗುವುದು ಎಂದು ಪೊಲೀಸ್ ಇನ್ಸ್‌ಪೆಕ್ಟರ್ ತಿಳಿಸಿದ್ದಾರೆ.
ಕಂಪನಹಳ್ಳಿಗೆ ಕುಡಿಯುವ ನೀರು
ಕೊಡಿಸಿ ಮೇಡಂ
ಹುಳಿಯಾರು: ಅಂಬಾರಾಗುವ ನೀರನ್ನು ಕುಡಿಯಲು ಆಗದೆ, ಸರ್ಕಾರ ಕಾಮಗಾರಿ ಪೂರ್ಣಗೊಳಿಸದೆ ಗ್ರಾಮಸ್ಥರು ಪರದಾಡುತ್ತಿದ್ದು, ತುರ್ತಾಗಿ ಕುಡಿಯುವ ನೀರಿನ ವ್ಯವಸ್ಥೆ ಕಲ್ಪಿಸಿಕೊಡಬೇಕು ಎಂದು ಕಂಪನಹಳ್ಳಿ ಗ್ರಾಮಸ್ಥರು ಜಿಲ್ಲಾ ಪಂಚಾಯಿತಿ ಮುಖ್ಯ ಕಾರ್ಯನಿರ್ವಾಹಕ ಅಧಿಕಾರಿಗಳಿಗೆ ಮನವಿ ಸಲ್ಲಿಸಿದರು. ಗ್ರಾಮದಲ್ಲಿ ಜಲಜೀವನ್ ಮಿಷನ್ ಯೋಜನೆಯಡಿ ಕಾಮಗಾರಿ ಆರಂಭಿಸಲಾಗಿದ್ದು, ತಿಂಗಳುಗಳು ಕಳೆದರೂ ಪೂರ್ಣಗೊಂಡಿಲ್ಲ. ಇದರಿಂದ ಗ್ರಾಮಸ್ಥರು ಕುಡಿಯುವ ನೀರಿಗಾಗಿ ದೂರದ ತೋಟಗಳಿಗೆ ಅಲೆಯಬೇಕಾಗಿದೆ. ಕೂಡಲೇ ಕಾಮಗಾರಿ ಪೂರ್ಣಗೊಳಿಸಿ ಪ್ರತಿ ಮನೆಗೆ ನಲ್ಲಿ ಸಂಪರ್ಕ ಕಲ್ಪಿಸಬೇಕು ಎಂದು ಆಗ್ರಹಿಸಿದರು. ಗ್ರಾಮದ ಮುಖಂಡರು, ಮಹಿಳೆಯರು ಉಪಸ್ಥಿತರಿದ್ದರು.
ವಿದ್ಯಾರ್ಥಿಗಳೇ ಇತಿಮಿತಿಯಾಗಿರಲಿ
ಮೊಬೈಲ್ ಬಳಕೆ
ಇವತ್ತಿನ ಮಕ್ಕಳು ಮತ್ತು ಪೋಷಕರ ನಡುವೆ ಏನಾಗುತ್ತಿದೆ, ಜಗತ್ತಿಗೆ ಕಾರಣವಾಗುತ್ತಿರುವ ಮೊಬೈಲ್ ಅನ್ನೋ ಮುಷ್ಟಿ ಸೆಳೆದ ನಟ್ಟ ದೇಶ್ಯಗಳನ್ನು ಶಾಲೆಗೆ ಹೋಗಿ ಬಂದ ನಂತರ ಮಕ್ಕಳು ಮೊಬೈಲ್ ನಲ್ಲಿ ಗೇಮ್ ಆಡುವುದನ್ನು ರೂಢಿಸಿಕೊಂಡಿದ್ದಾರೆ. ಹೀಗೆ ತಂದೆ-ತಾಯಿಯರ ಕಣ್ತಪ್ಪಿಸಿ ತಮ್ಮ ಪಾಡಿಗೆ ತಾವು ಮೊಬೈಲ್ ಬಳಸುವ ಮಕ್ಕಳ ಸಂಖ್ಯೆ ಹೆಚ್ಚುತ್ತಿದೆ. ದಿನಕ್ಕೆ ಕನಿಷ್ಠ ಐದಾರು ಗಂಟೆ ಮೊಬೈಲ್ ನೋಡುವ ಮಕ್ಕಳ ಕಣ್ಣಿನ ಆರೋಗ್ಯ ಹಾಳಾಗುತ್ತಿದೆ. ಓದಿನ ಕಡೆ ಗಮನ ಕಡಿಮೆಯಾಗುತ್ತಿದೆ. ಸ್ನೇಹಿತರೊಂದಿಗೆ ಬೆರೆಯುವುದು, ಆಟವಾಡುವುದು ಕಡಿಮೆಯಾಗಿದೆ. ಇದರಿಂದ ಮಕ್ಕಳ ಮಾನಸಿಕ ಹಾಗೂ ದೈಹಿಕ ಬೆಳವಣಿಗೆ ಕುಂಠಿತಗೊಳ್ಳುತ್ತಿದೆ.
ಆದ್ದರಿಂದ ಪೋಷಕರು ಮಕ್ಕಳ ಕೈಗೆ ಮೊಬೈಲ್ ನೀಡುವ ಮುನ್ನ ಎಚ್ಚರ ವಹಿಸಬೇಕು. ಅಗತ್ಯವಿದ್ದಾಗ ಮಾತ್ರ ಮೊಬೈಲ್ ನೀಡಿ, ಅದರ ಬಳಕೆಗೆ ಸಮಯ ನಿಗದಿಪಡಿಸಬೇಕು. ಮಕ್ಕಳು ಯಾವ ಆಪ್‌ಗಳನ್ನು ಬಳಸುತ್ತಿದ್ದಾರೆ, ಯಾವ ವಿಡಿಯೋಗಳನ್ನು ನೋಡುತ್ತಿದ್ದಾರೆ ಎಂಬುದರ ಮೇಲೆ ನಿಗಾ ಇಡಬೇಕು. ಮಕ್ಕಳೊಂದಿಗೆ ಹೆಚ್ಚು ಸಮಯ ಕಳೆಯಬೇಕು. ಅವರಿಗೆ ಪುಸ್ತಕ ಓದುವ ಅಭ್ಯಾಸ, ಹೊರಾಂಗಣ ಆಟಗಳು, ಚಿತ್ರಕಲೆ, ಸಂಗೀತದಂತಹ ಹವ್ಯಾಸಗಳನ್ನು ಬೆಳೆಸಬೇಕು. ಪೋಷಕರೇ ಮೊದಲು ಮೊಬೈಲ್ ಬಳಕೆ ಕಡಿಮೆ ಮಾಡಿ ಮಕ್ಕಳಿಗೆ ಮಾದರಿಯಾಗಬೇಕು. ಶಾಲೆಗಳಲ್ಲಿಯೂ ಶಿಕ್ಷಕರು ಮೊಬೈಲ್ ದುಷ್ಪರಿಣಾಮಗಳ ಬಗ್ಗೆ ಜಾಗೃತಿ ಮೂಡಿಸಬೇಕು.
ವಿದ್ಯಾರ್ಥಿ ಜೀವನದಲ್ಲಿ ಮೊಬೈಲ್ ಅನ್ನು ಜ್ಞಾನಾರ್ಜನೆಗೆ ಮಾತ್ರ ಬಳಸಿಕೊಳ್ಳಬೇಕು. ಆನ್‌ಲೈನ್ ತರಗತಿಗಳು, ಶೈಕ್ಷಣಿಕ ಆಪ್‌ಗಳು, ಉಪಯುಕ್ತ ಮಾಹಿತಿಗಾಗಿ ಮಾತ್ರ ಬಳಸಿದರೆ ಮೊಬೈಲ್ ವರದಾನವಾಗುತ್ತದೆ. ಇಲ್ಲದಿದ್ದರೆ ಅದು ಶಾಪವಾಗಿ ಪರಿಣಮಿಸುತ್ತದೆ. ರಾತ್ರಿ ಮಲಗುವ ಮುನ್ನ ಮೊಬೈಲ್ ಬಳಕೆ ನಿದ್ರಾಹೀನತೆಗೆ ಕಾರಣವಾಗುತ್ತದೆ. ಆದ್ದರಿಂದ ವಿದ್ಯಾರ್ಥಿಗಳು ಸ್ವಯಂ ನಿಯಂತ್ರಣ ಅಳವಡಿಸಿಕೊಂಡು ಮೊಬೈಲ್ ಬಳಕೆಯನ್ನು ಇತಿಮಿತಿಯಲ್ಲಿಟ್ಟುಕೊಂಡು ಉಜ್ವಲ ಭವಿಷ್ಯ ರೂಪಿಸಿಕೊಳ್ಳಬೇಕು.
ಹಾರೋಗೆರೆಚೇತನ್
8861049159
ಬಟವಾಡಿ, ತುಮಕೂರು
